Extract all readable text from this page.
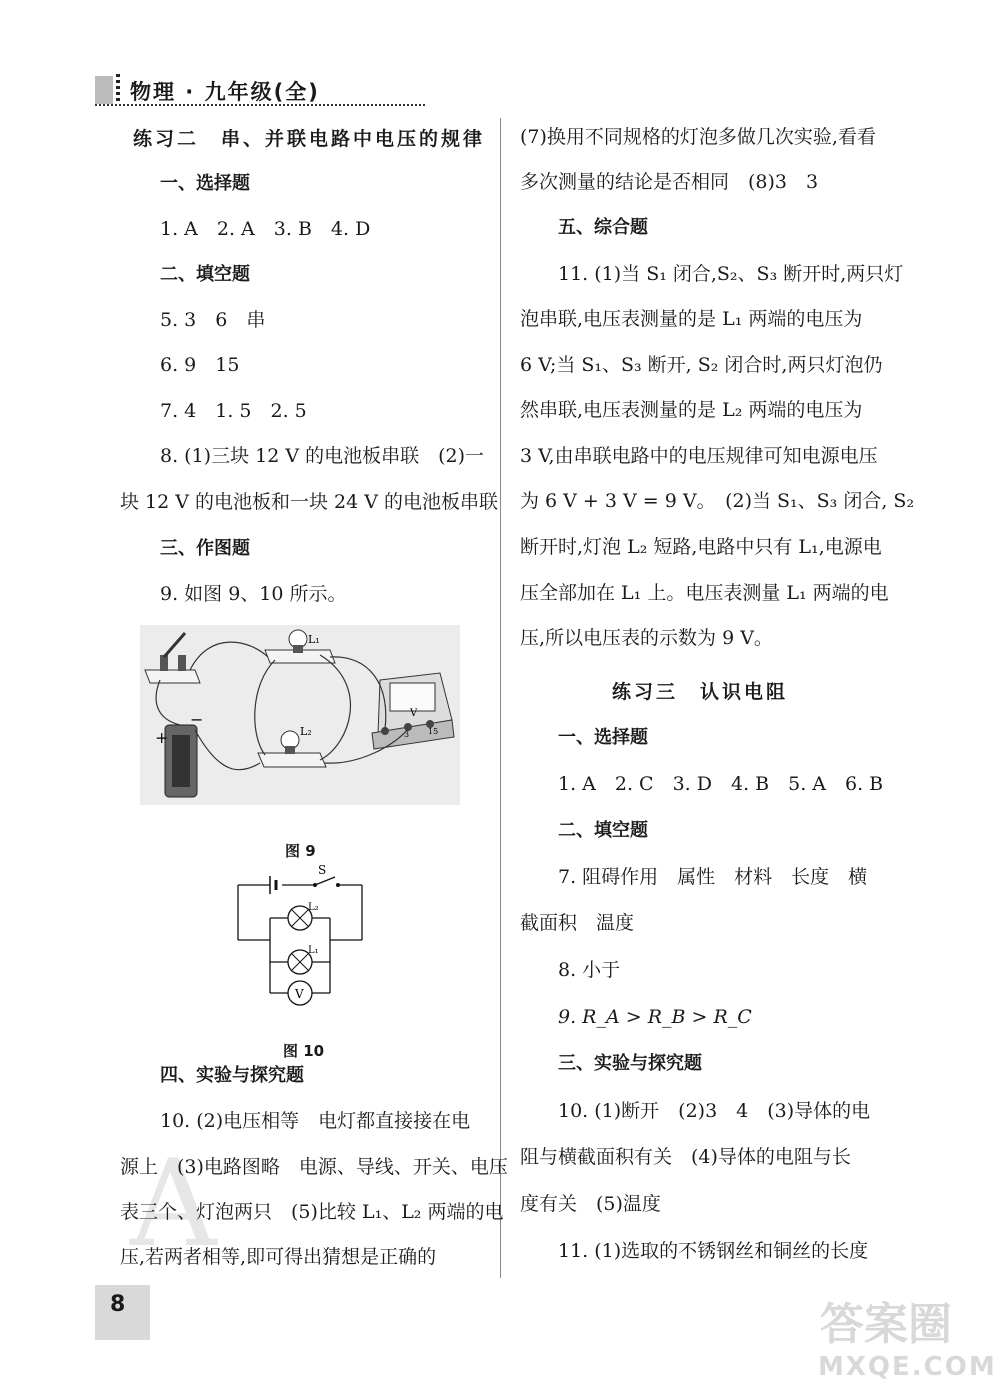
物理 · 九年级(全)
A
练习二　串、并联电路中电压的规律
一、选择题
1. A　2. A　3. B　4. D
二、填空题
5. 3　6　串
6. 9　15
7. 4　1. 5　2. 5
8. (1)三块 12 V 的电池板串联　(2)一
块 12 V 的电池板和一块 24 V 的电池板串联
三、作图题
9. 如图 9、10 所示。
L₁
L₂
−
+
V
3 15
图 9
S
L₂
L₁
V
图 10
四、实验与探究题
10. (2)电压相等　电灯都直接接在电
源上　(3)电路图略　电源、导线、开关、电压
表三个、灯泡两只　(5)比较 L₁、L₂ 两端的电
压,若两者相等,即可得出猜想是正确的
(7)换用不同规格的灯泡多做几次实验,看看
多次测量的结论是否相同　(8)3　3
五、综合题
11. (1)当 S₁ 闭合,S₂、S₃ 断开时,两只灯
泡串联,电压表测量的是 L₁ 两端的电压为
6 V;当 S₁、S₃ 断开, S₂ 闭合时,两只灯泡仍
然串联,电压表测量的是 L₂ 两端的电压为
3 V,由串联电路中的电压规律可知电源电压
为 6 V + 3 V = 9 V。　(2)当 S₁、S₃ 闭合, S₂
断开时,灯泡 L₂ 短路,电路中只有 L₁,电源电
压全部加在 L₁ 上。电压表测量 L₁ 两端的电
压,所以电压表的示数为 9 V。
练习三　认识电阻
一、选择题
1. A　2. C　3. D　4. B　5. A　6. B
二、填空题
7. 阻碍作用　属性　材料　长度　横
截面积　温度
8. 小于
9. R_A > R_B > R_C
三、实验与探究题
10. (1)断开　(2)3　4　(3)导体的电
阻与横截面积有关　(4)导体的电阻与长
度有关　(5)温度
11. (1)选取的不锈钢丝和铜丝的长度
8	答案圈
MXQE.COM
